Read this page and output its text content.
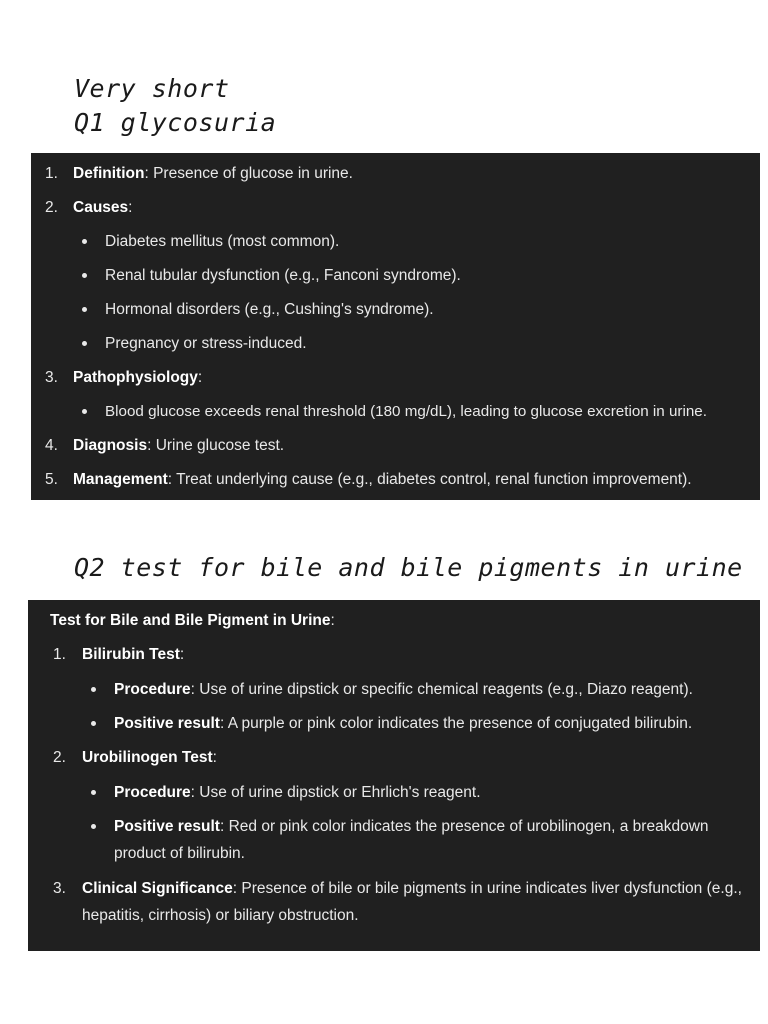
Very short
Q1 glycosuria
1. Definition: Presence of glucose in urine.
2. Causes:
Diabetes mellitus (most common).
Renal tubular dysfunction (e.g., Fanconi syndrome).
Hormonal disorders (e.g., Cushing's syndrome).
Pregnancy or stress-induced.
3. Pathophysiology:
Blood glucose exceeds renal threshold (180 mg/dL), leading to glucose excretion in urine.
4. Diagnosis: Urine glucose test.
5. Management: Treat underlying cause (e.g., diabetes control, renal function improvement).
Q2 test for bile and bile pigments in urine
Test for Bile and Bile Pigment in Urine:
1. Bilirubin Test:
Procedure: Use of urine dipstick or specific chemical reagents (e.g., Diazo reagent).
Positive result: A purple or pink color indicates the presence of conjugated bilirubin.
2. Urobilinogen Test:
Procedure: Use of urine dipstick or Ehrlich's reagent.
Positive result: Red or pink color indicates the presence of urobilinogen, a breakdown product of bilirubin.
3. Clinical Significance: Presence of bile or bile pigments in urine indicates liver dysfunction (e.g., hepatitis, cirrhosis) or biliary obstruction.
